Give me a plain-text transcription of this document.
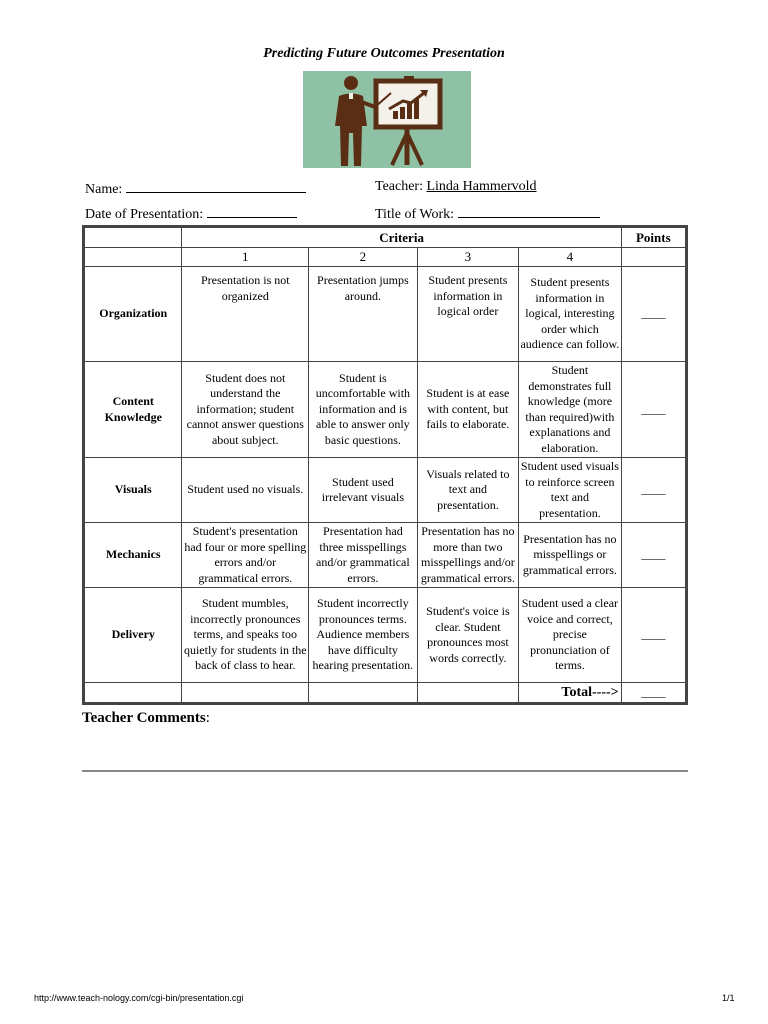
Predicting Future Outcomes Presentation
Name:	Teacher: Linda Hammervold
Date of Presentation:	Title of Work:
	Criteria				Points
	1	2	3	4	
Organization	Presentation is not organized	Presentation jumps around.	Student presents information in logical order	Student presents information in logical, interesting order which audience can follow.	____
Content Knowledge	Student does not understand the information; student cannot answer questions about subject.	Student is uncomfortable with information and is able to answer only basic questions.	Student is at ease with content, but fails to elaborate.	Student demonstrates full knowledge (more than required)with explanations and elaboration.	____
Visuals	Student used no visuals.	Student used irrelevant visuals	Visuals related to text and presentation.	Student used visuals to reinforce screen text and presentation.	____
Mechanics	Student's presentation had four or more spelling errors and/or grammatical errors.	Presentation had three misspellings and/or grammatical errors.	Presentation has no more than two misspellings and/or grammatical errors.	Presentation has no misspellings or grammatical errors.	____
Delivery	Student mumbles, incorrectly pronounces terms, and speaks too quietly for students in the back of class to hear.	Student incorrectly pronounces terms. Audience members have difficulty hearing presentation.	Student's voice is clear. Student pronounces most words correctly.	Student used a clear voice and correct, precise pronunciation of terms.	____
				Total---->	____
Teacher Comments:
http://www.teach-nology.com/cgi-bin/presentation.cgi	1/1
